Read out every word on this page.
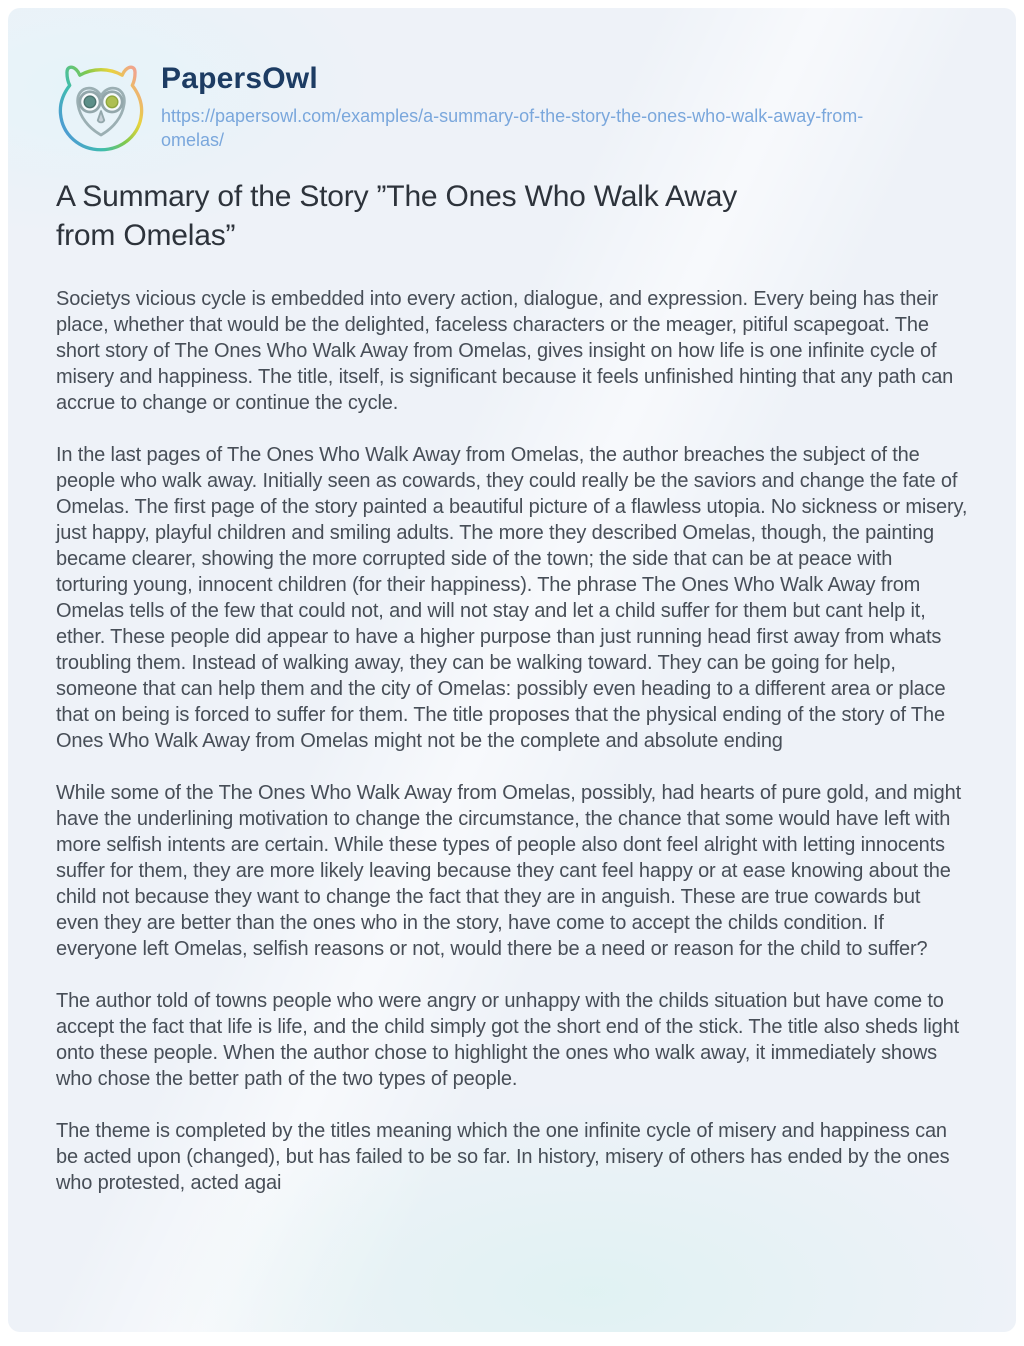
PapersOwl
https://papersowl.com/examples/a-summary-of-the-story-the-ones-who-walk-away-from-omelas/
A Summary of the Story ”The Ones Who Walk Away from Omelas”

Societys vicious cycle is embedded into every action, dialogue, and expression. Every being has their place, whether that would be the delighted, faceless characters or the meager, pitiful scapegoat. The short story of The Ones Who Walk Away from Omelas, gives insight on how life is one infinite cycle of misery and happiness. The title, itself, is significant because it feels unfinished hinting that any path can accrue to change or continue the cycle.

In the last pages of The Ones Who Walk Away from Omelas, the author breaches the subject of the people who walk away. Initially seen as cowards, they could really be the saviors and change the fate of Omelas. The first page of the story painted a beautiful picture of a flawless utopia. No sickness or misery, just happy, playful children and smiling adults. The more they described Omelas, though, the painting became clearer, showing the more corrupted side of the town; the side that can be at peace with torturing young, innocent children (for their happiness). The phrase The Ones Who Walk Away from Omelas tells of the few that could not, and will not stay and let a child suffer for them but cant help it, ether. These people did appear to have a higher purpose than just running head first away from whats troubling them. Instead of walking away, they can be walking toward. They can be going for help, someone that can help them and the city of Omelas: possibly even heading to a different area or place that on being is forced to suffer for them. The title proposes that the physical ending of the story of The Ones Who Walk Away from Omelas might not be the complete and absolute ending

While some of the The Ones Who Walk Away from Omelas, possibly, had hearts of pure gold, and might have the underlining motivation to change the circumstance, the chance that some would have left with more selfish intents are certain. While these types of people also dont feel alright with letting innocents suffer for them, they are more likely leaving because they cant feel happy or at ease knowing about the child not because they want to change the fact that they are in anguish. These are true cowards but even they are better than the ones who in the story, have come to accept the childs condition. If everyone left Omelas, selfish reasons or not, would there be a need or reason for the child to suffer?

The author told of towns people who were angry or unhappy with the childs situation but have come to accept the fact that life is life, and the child simply got the short end of the stick. The title also sheds light onto these people. When the author chose to highlight the ones who walk away, it immediately shows who chose the better path of the two types of people.

The theme is completed by the titles meaning which the one infinite cycle of misery and happiness can be acted upon (changed), but has failed to be so far. In history, misery of others has ended by the ones who protested, acted agai
